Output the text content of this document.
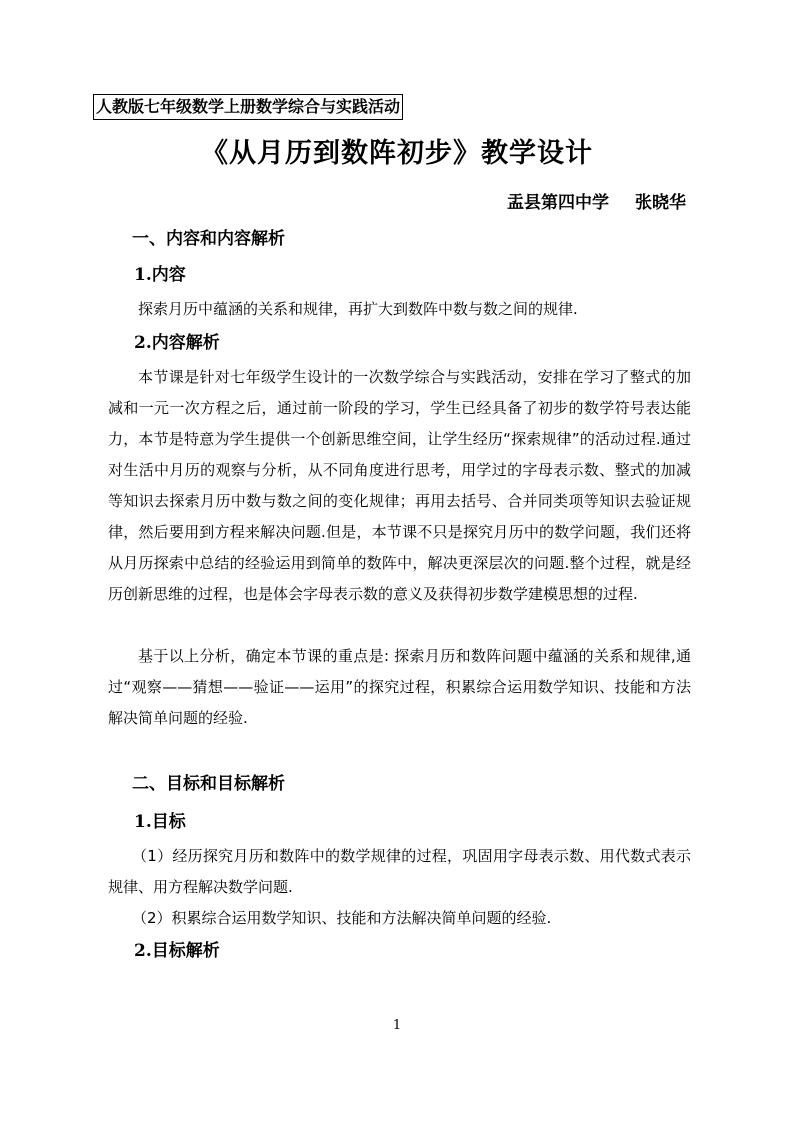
人教版七年级数学上册数学综合与实践活动
《从月历到数阵初步》教学设计
盂县第四中学 张晓华
一、内容和内容解析
1.内容
探索月历中蕴涵的关系和规律，再扩大到数阵中数与数之间的规律.
2.内容解析
本节课是针对七年级学生设计的一次数学综合与实践活动，安排在学习了整式的加减和一元一次方程之后，通过前一阶段的学习，学生已经具备了初步的数学符号表达能力，本节是特意为学生提供一个创新思维空间，让学生经历“探索规律”的活动过程.通过对生活中月历的观察与分析，从不同角度进行思考，用学过的字母表示数、整式的加减等知识去探索月历中数与数之间的变化规律；再用去括号、合并同类项等知识去验证规律，然后要用到方程来解决问题.但是，本节课不只是探究月历中的数学问题，我们还将从月历探索中总结的经验运用到简单的数阵中，解决更深层次的问题.整个过程，就是经历创新思维的过程，也是体会字母表示数的意义及获得初步数学建模思想的过程.
基于以上分析，确定本节课的重点是: 探索月历和数阵问题中蕴涵的关系和规律,通过“观察——猜想——验证——运用”的探究过程，积累综合运用数学知识、技能和方法解决简单问题的经验.
二、目标和目标解析
1.目标
（1）经历探究月历和数阵中的数学规律的过程，巩固用字母表示数、用代数式表示规律、用方程解决数学问题.
（2）积累综合运用数学知识、技能和方法解决简单问题的经验.
2.目标解析
1
